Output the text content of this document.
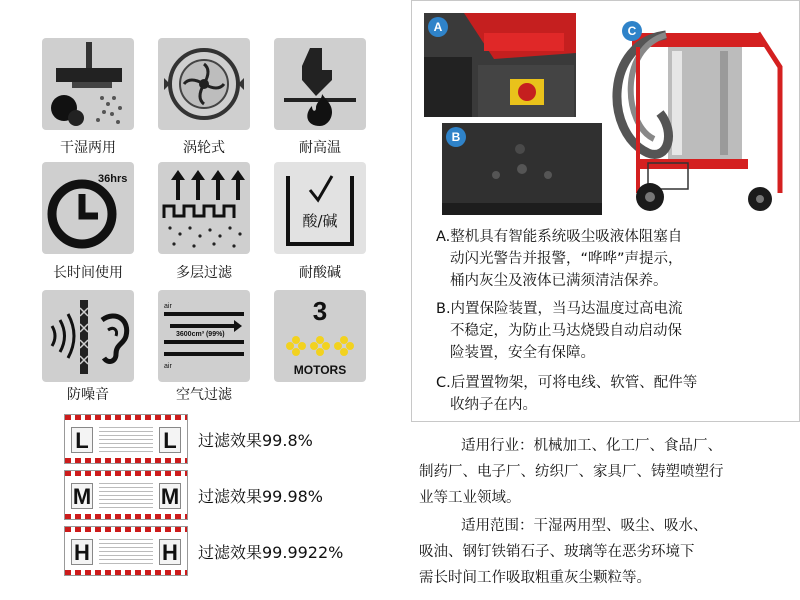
干湿两用	涡轮式	耐高温
36hrs
长时间使用	多层过滤
酸/碱
耐酸碱
防噪音
3600cm³ (99%)
air
air
空气过滤
3
MOTORS
L	L 过滤效果99.8%
M	M 过滤效果99.98%
H	H 过滤效果99.9922%
A
B
C
A.整机具有智能系统吸尘吸液体阻塞自
动闪光警告并报警，“哗哗”声提示，
桶内灰尘及液体已满须清洁保养。
B.内置保险装置，当马达温度过高电流
不稳定，为防止马达烧毁自动启动保
险装置，安全有保障。
C.后置置物架，可将电线、软管、配件等
收纳子在内。
适用行业：机械加工、化工厂、食品厂、
制药厂、电子厂、纺织厂、家具厂、铸塑喷塑行
业等工业领域。
适用范围：干湿两用型、吸尘、吸水、
吸油、钢钉铁销石子、玻璃等在恶劣环境下
需长时间工作吸取粗重灰尘颗粒等。
